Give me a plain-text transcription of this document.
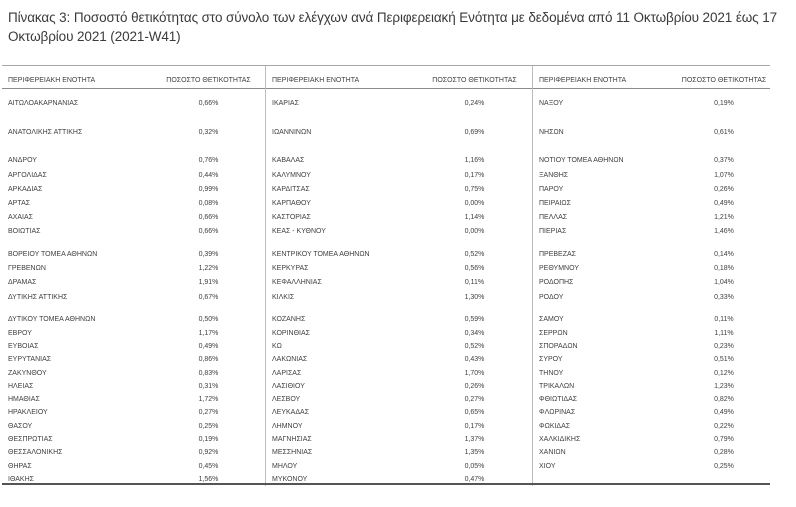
Πίνακας 3: Ποσοστό θετικότητας στο σύνολο των ελέγχων ανά Περιφερειακή Ενότητα με δεδομένα από 11 Οκτωβρίου 2021 έως 17 Οκτωβρίου 2021 (2021-W41)
ΠΕΡΙΦΕΡΕΙΑΚΗ ΕΝΟΤΗΤΑ	ΠΟΣΟΣΤΟ ΘΕΤΙΚΟΤΗΤΑΣ
ΑΙΤΩΛΟΑΚΑΡΝΑΝΙΑΣ	0,66%
ΑΝΑΤΟΛΙΚΗΣ ΑΤΤΙΚΗΣ	0,32%
ΑΝΔΡΟΥ	0,76%
ΑΡΓΟΛΙΔΑΣ	0,44%
ΑΡΚΑΔΙΑΣ	0,99%
ΑΡΤΑΣ	0,08%
ΑΧΑΪΑΣ	0,66%
ΒΟΙΩΤΙΑΣ	0,66%
ΒΟΡΕΙΟΥ ΤΟΜΕΑ ΑΘΗΝΩΝ	0,39%
ΓΡΕΒΕΝΩΝ	1,22%
ΔΡΑΜΑΣ	1,91%
ΔΥΤΙΚΗΣ ΑΤΤΙΚΗΣ	0,67%
ΔΥΤΙΚΟΥ ΤΟΜΕΑ ΑΘΗΝΩΝ	0,50%
ΕΒΡΟΥ	1,17%
ΕΥΒΟΙΑΣ	0,49%
ΕΥΡΥΤΑΝΙΑΣ	0,86%
ΖΑΚΥΝΘΟΥ	0,83%
ΗΛΕΙΑΣ	0,31%
ΗΜΑΘΙΑΣ	1,72%
ΗΡΑΚΛΕΙΟΥ	0,27%
ΘΑΣΟΥ	0,25%
ΘΕΣΠΡΩΤΙΑΣ	0,19%
ΘΕΣΣΑΛΟΝΙΚΗΣ	0,92%
ΘΗΡΑΣ	0,45%
ΙΘΑΚΗΣ	1,56%
ΠΕΡΙΦΕΡΕΙΑΚΗ ΕΝΟΤΗΤΑ	ΠΟΣΟΣΤΟ ΘΕΤΙΚΟΤΗΤΑΣ
ΙΚΑΡΙΑΣ	0,24%
ΙΩΑΝΝΙΝΩΝ	0,69%
ΚΑΒΑΛΑΣ	1,16%
ΚΑΛΥΜΝΟΥ	0,17%
ΚΑΡΔΙΤΣΑΣ	0,75%
ΚΑΡΠΑΘΟΥ	0,00%
ΚΑΣΤΟΡΙΑΣ	1,14%
ΚΕΑΣ - ΚΥΘΝΟΥ	0,00%
ΚΕΝΤΡΙΚΟΥ ΤΟΜΕΑ ΑΘΗΝΩΝ	0,52%
ΚΕΡΚΥΡΑΣ	0,56%
ΚΕΦΑΛΛΗΝΙΑΣ	0,11%
ΚΙΛΚΙΣ	1,30%
ΚΟΖΑΝΗΣ	0,59%
ΚΟΡΙΝΘΙΑΣ	0,34%
ΚΩ	0,52%
ΛΑΚΩΝΙΑΣ	0,43%
ΛΑΡΙΣΑΣ	1,70%
ΛΑΣΙΘΙΟΥ	0,26%
ΛΕΣΒΟΥ	0,27%
ΛΕΥΚΑΔΑΣ	0,65%
ΛΗΜΝΟΥ	0,17%
ΜΑΓΝΗΣΙΑΣ	1,37%
ΜΕΣΣΗΝΙΑΣ	1,35%
ΜΗΛΟΥ	0,05%
ΜΥΚΟΝΟΥ	0,47%
ΠΕΡΙΦΕΡΕΙΑΚΗ ΕΝΟΤΗΤΑ	ΠΟΣΟΣΤΟ ΘΕΤΙΚΟΤΗΤΑΣ
ΝΑΞΟΥ	0,19%
ΝΗΣΩΝ	0,61%
ΝΟΤΙΟΥ ΤΟΜΕΑ ΑΘΗΝΩΝ	0,37%
ΞΑΝΘΗΣ	1,07%
ΠΑΡΟΥ	0,26%
ΠΕΙΡΑΙΩΣ	0,49%
ΠΕΛΛΑΣ	1,21%
ΠΙΕΡΙΑΣ	1,46%
ΠΡΕΒΕΖΑΣ	0,14%
ΡΕΘΥΜΝΟΥ	0,18%
ΡΟΔΟΠΗΣ	1,04%
ΡΟΔΟΥ	0,33%
ΣΑΜΟΥ	0,11%
ΣΕΡΡΩΝ	1,11%
ΣΠΟΡΑΔΩΝ	0,23%
ΣΥΡΟΥ	0,51%
ΤΗΝΟΥ	0,12%
ΤΡΙΚΑΛΩΝ	1,23%
ΦΘΙΩΤΙΔΑΣ	0,82%
ΦΛΩΡΙΝΑΣ	0,49%
ΦΩΚΙΔΑΣ	0,22%
ΧΑΛΚΙΔΙΚΗΣ	0,79%
ΧΑΝΙΩΝ	0,28%
ΧΙΟΥ	0,25%
